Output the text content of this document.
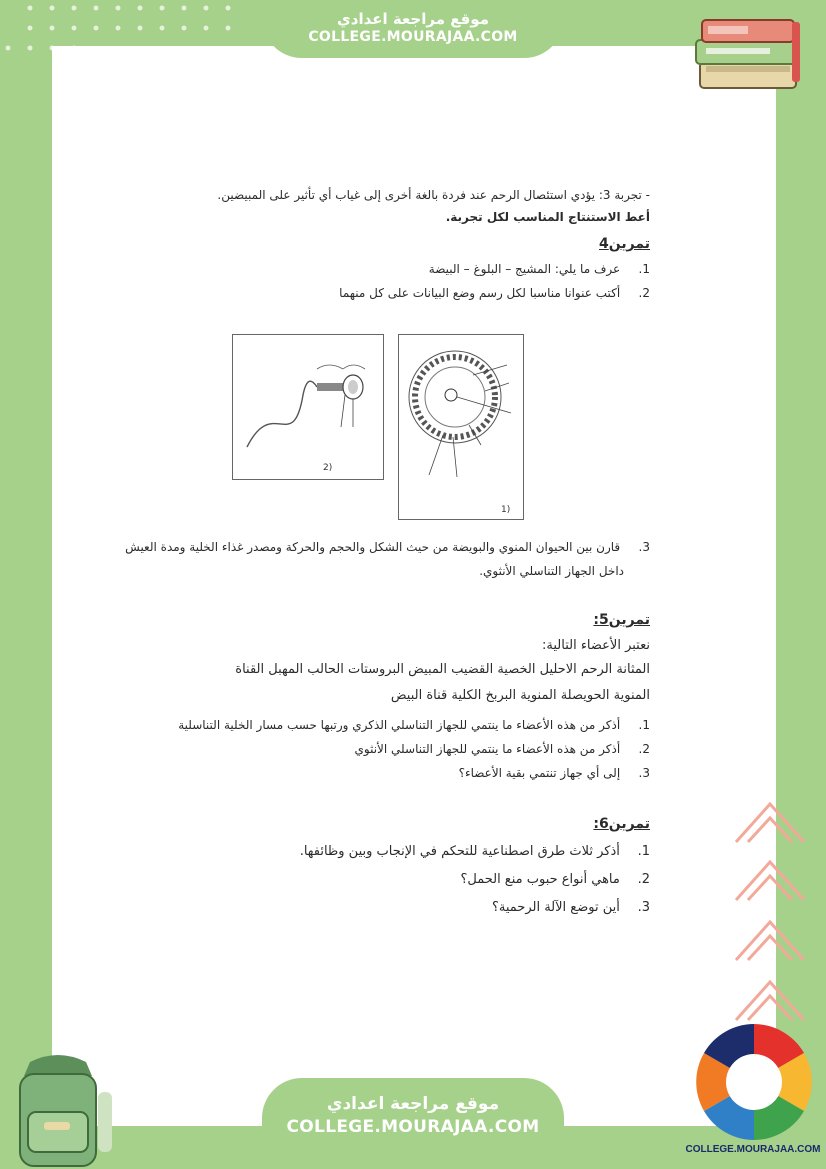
موقع مراجعة اعدادي
COLLEGE.MOURAJAA.COM
- تجربة 3: يؤدي استئصال الرحم عند فردة بالغة أخرى إلى غياب أي تأثير على المبيضين.
أعط الاستنتاج المناسب لكل تجربة.
تمرين4
1. عرف ما يلي: المشيج – البلوغ – البيضة
2. أكتب عنوانا مناسبا لكل رسم وضع البيانات على كل منهما
3. قارن بين الحيوان المنوي والبويضة من حيث الشكل والحجم والحركة ومصدر غذاء الخلية ومدة العيش
داخل الجهاز التناسلي الأنثوي.
تمرين5:
نعتبر الأعضاء التالية:
المثانة الرحم الاحليل الخصية القضيب المبيض البروستات الحالب المهبل القناة
المنوية الحويصلة المنوية البربخ الكلية قناة البيض
1. أذكر من هذه الأعضاء ما ينتمي للجهاز التناسلي الذكري ورتبها حسب مسار الخلية التناسلية
2. أذكر من هذه الأعضاء ما ينتمي للجهاز التناسلي الأنثوي
3. إلى أي جهاز تنتمي بقية الأعضاء؟
تمرين6:
1. أذكر ثلاث طرق اصطناعية للتحكم في الإنجاب وبين وظائفها.
2. ماهي أنواع حبوب منع الحمل؟
3. أين توضع الآلة الرحمية؟
1)
2)
COLLEGE.MOURAJAA.COM
موقع مراجعة اعدادي
COLLEGE.MOURAJAA.COM
